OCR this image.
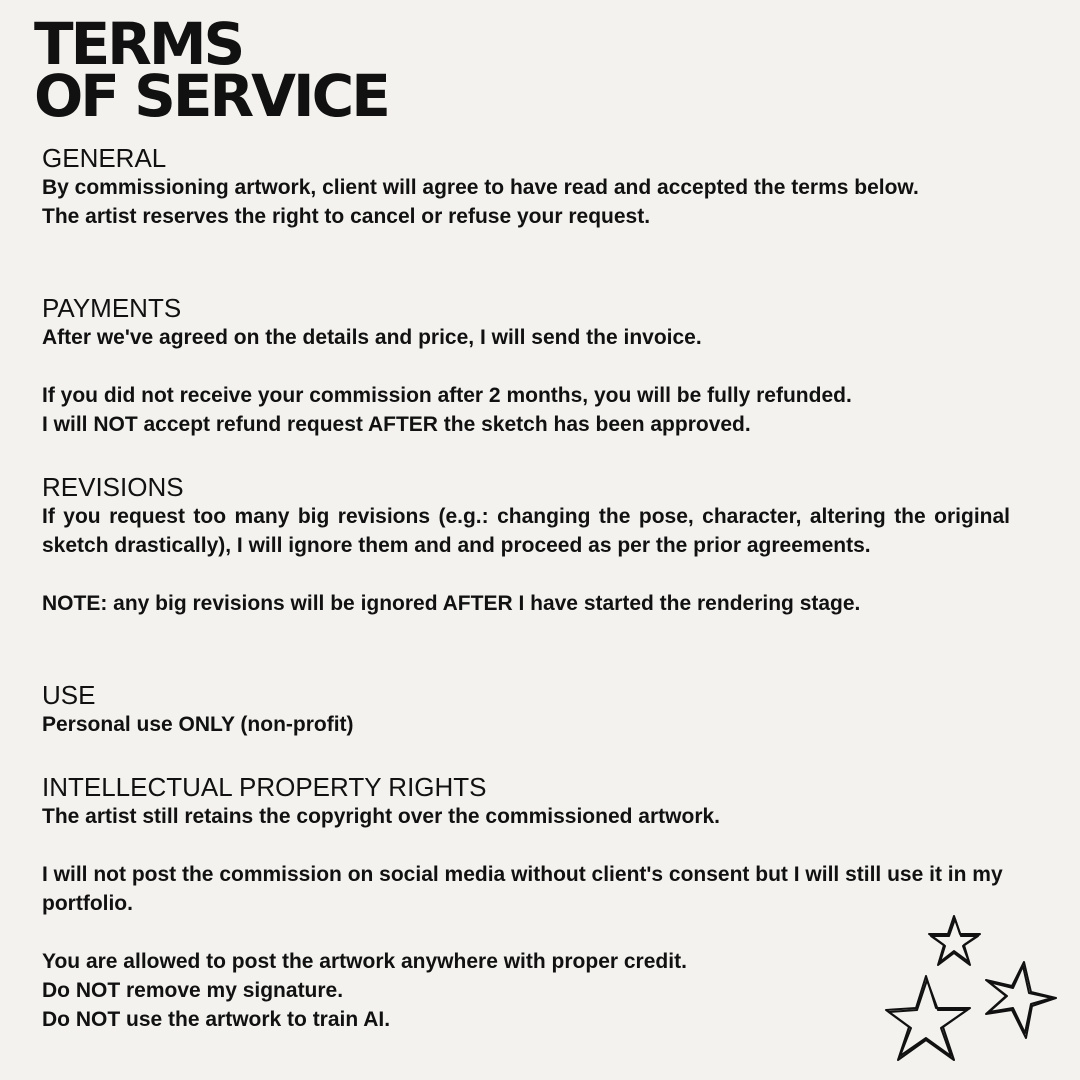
TERMS
OF SERVICE
GENERAL

By commissioning artwork, client will agree to have read and accepted the terms below.

The artist reserves the right to cancel or refuse your request.

PAYMENTS

After we've agreed on the details and price, I will send the invoice.

If you did not receive your commission after 2 months, you will be fully refunded.

I will NOT accept refund request AFTER the sketch has been approved.

REVISIONS

If you request too many big revisions (e.g.: changing the pose, character, altering the original sketch drastically), I will ignore them and and proceed as per the prior agreements.

NOTE: any big revisions will be ignored AFTER I have started the rendering stage.

USE

Personal use ONLY (non-profit)

INTELLECTUAL PROPERTY RIGHTS

The artist still retains the copyright over the commissioned artwork.

I will not post the commission on social media without client's consent but I will still use it in my portfolio.

You are allowed to post the artwork anywhere with proper credit.

Do NOT remove my signature.

Do NOT use the artwork to train AI.
